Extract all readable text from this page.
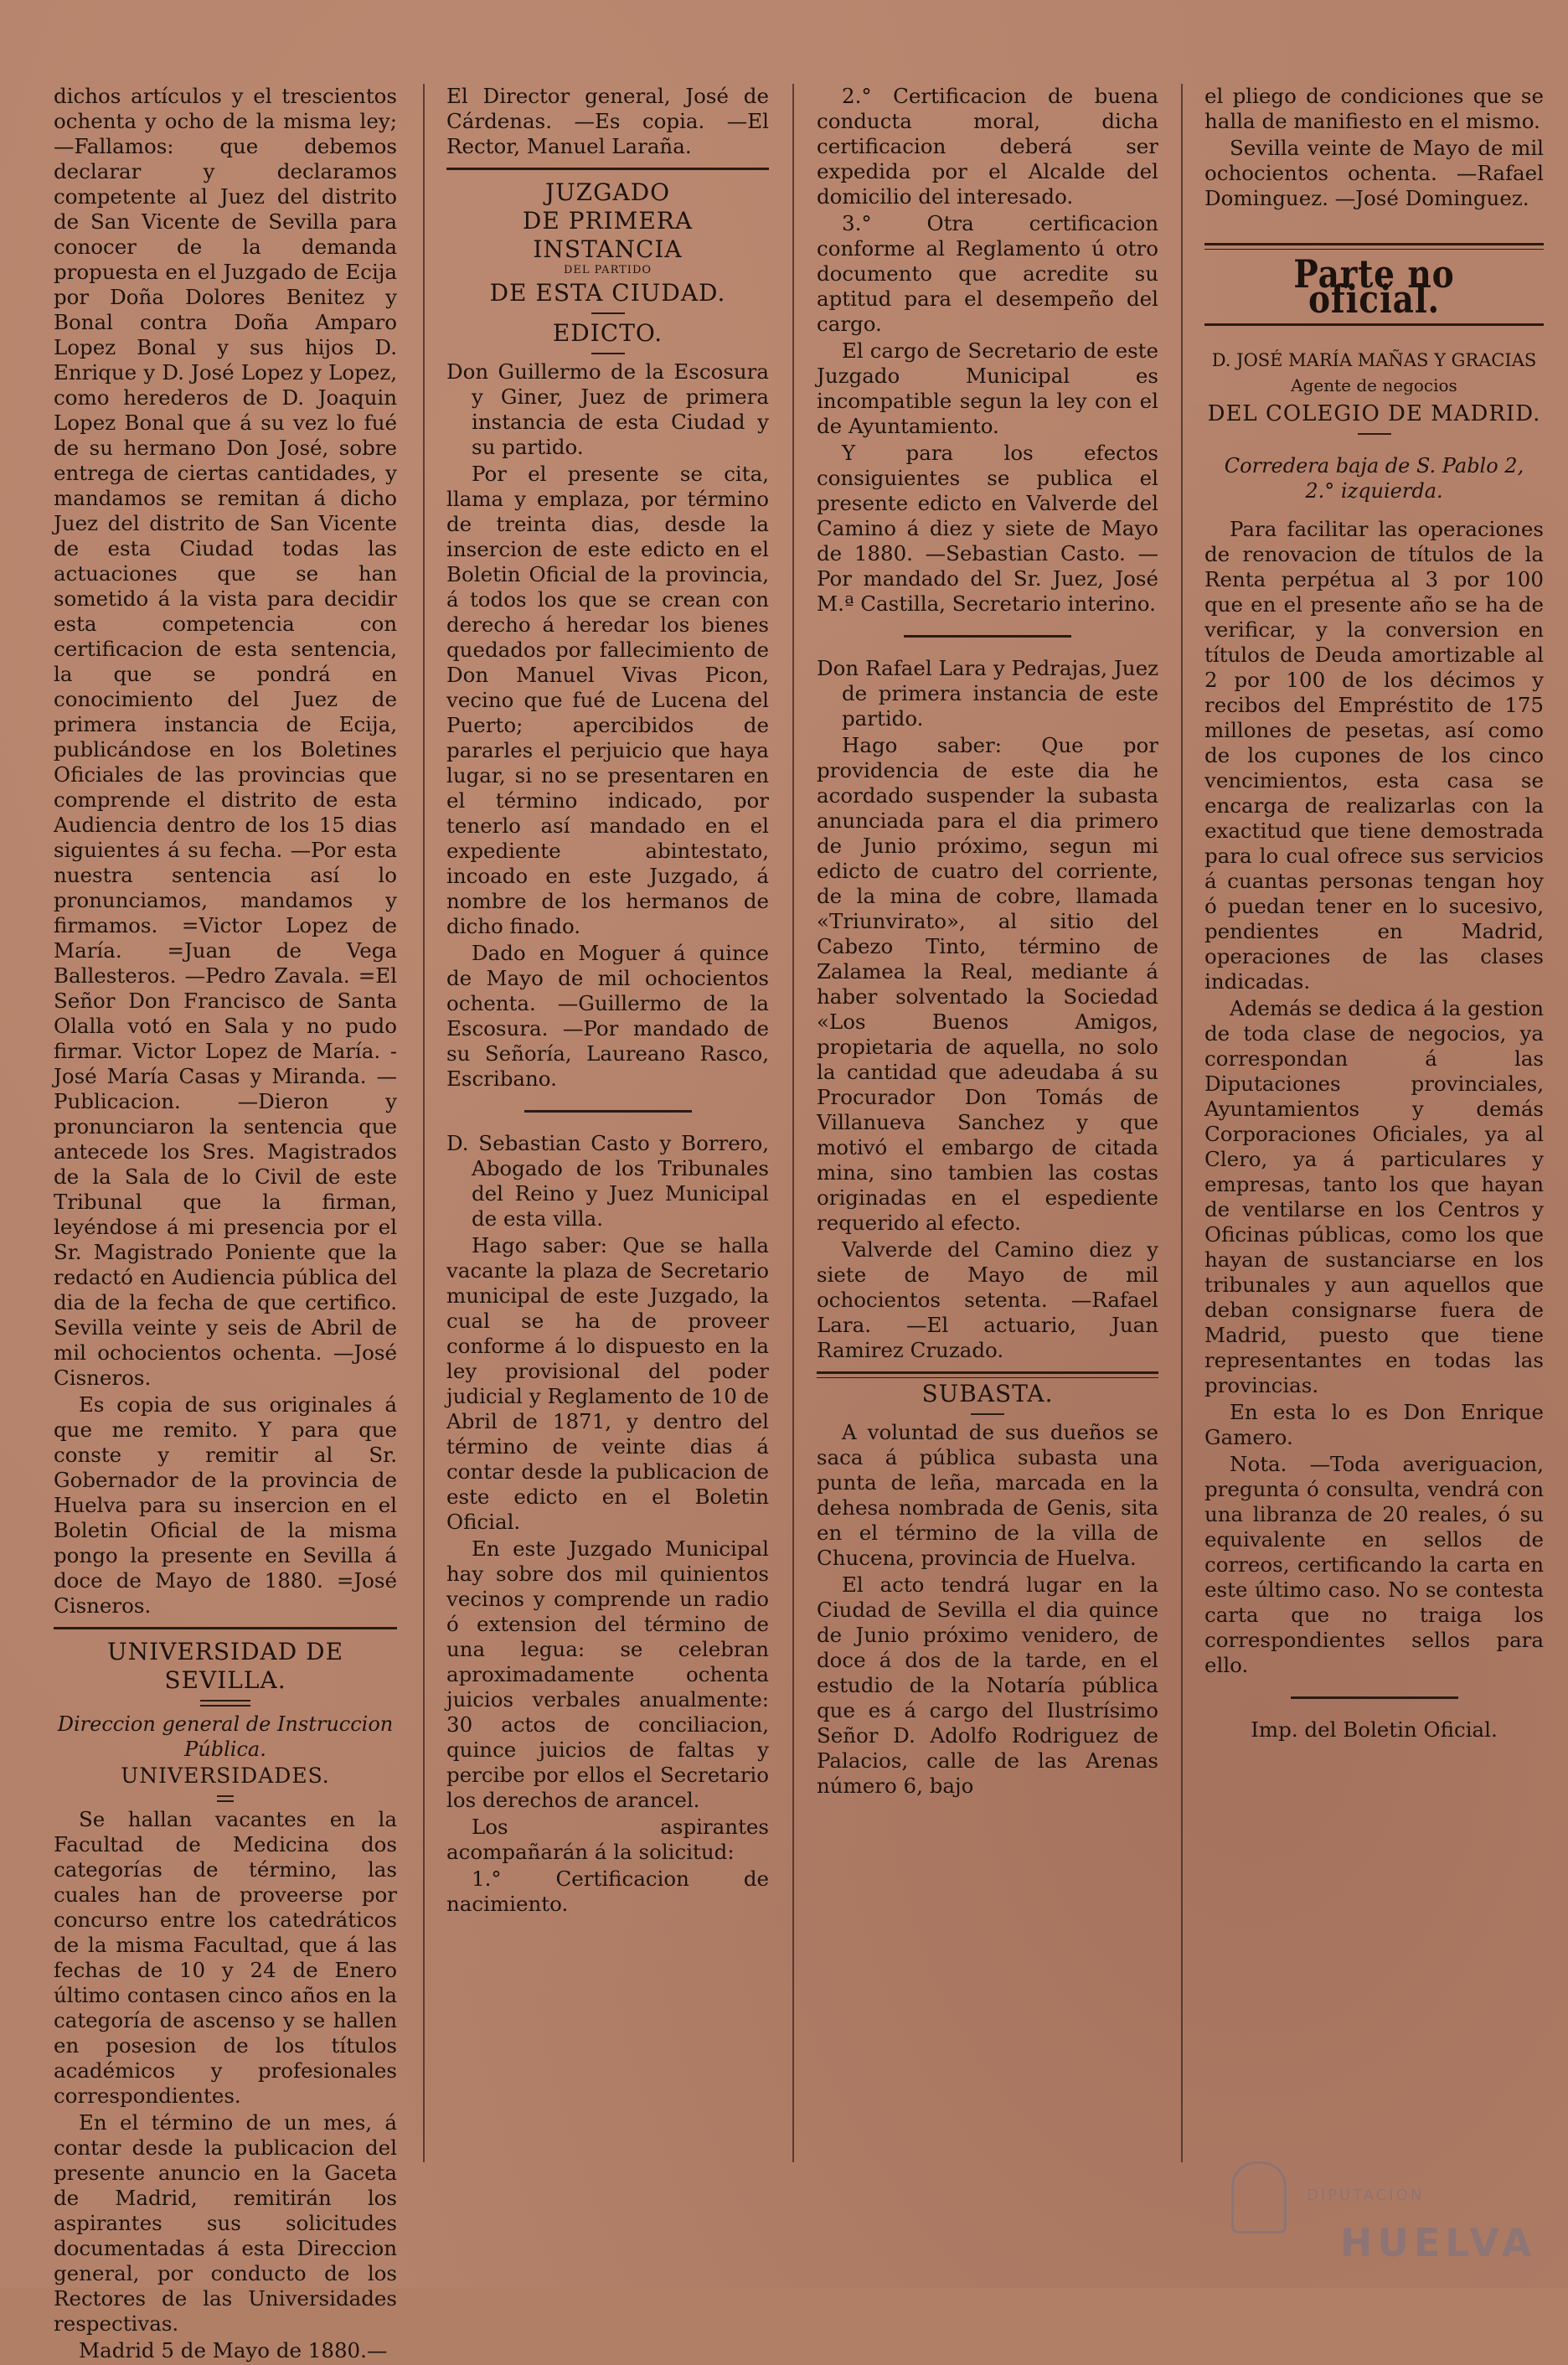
dichos artículos y el trescientos ochenta y ocho de la misma ley; —Fallamos: que debemos declarar y declaramos competente al Juez del distrito de San Vicente de Sevilla para conocer de la demanda propuesta en el Juzgado de Ecija por Doña Dolores Benitez y Bonal contra Doña Amparo Lopez Bonal y sus hijos D. Enrique y D. José Lopez y Lopez, como herederos de D. Joaquin Lopez Bonal que á su vez lo fué de su hermano Don José, sobre entrega de ciertas cantidades, y mandamos se remitan á dicho Juez del distrito de San Vicente de esta Ciudad todas las actuaciones que se han sometido á la vista para decidir esta competencia con certificacion de esta sentencia, la que se pondrá en conocimiento del Juez de primera instancia de Ecija, publicándose en los Boletines Oficiales de las provincias que comprende el distrito de esta Audiencia dentro de los 15 dias siguientes á su fecha. —Por esta nuestra sentencia así lo pronunciamos, mandamos y firmamos. =Victor Lopez de María. =Juan de Vega Ballesteros. —Pedro Zavala. =El Señor Don Francisco de Santa Olalla votó en Sala y no pudo firmar. Victor Lopez de María. -José María Casas y Miranda. —Publicacion. —Dieron y pronunciaron la sentencia que antecede los Sres. Magistrados de la Sala de lo Civil de este Tribunal que la firman, leyéndose á mi presencia por el Sr. Magistrado Poniente que la redactó en Audiencia pública del dia de la fecha de que certifico. Sevilla veinte y seis de Abril de mil ochocientos ochenta. —José Cisneros.

Es copia de sus originales á que me remito. Y para que conste y remitir al Sr. Gobernador de la provincia de Huelva para su insercion en el Boletin Oficial de la misma pongo la presente en Sevilla á doce de Mayo de 1880. =José Cisneros.

UNIVERSIDAD DE SEVILLA.

Direccion general de Instruccion Pública.

UNIVERSIDADES.

Se hallan vacantes en la Facultad de Medicina dos categorías de término, las cuales han de proveerse por concurso entre los catedráticos de la misma Facultad, que á las fechas de 10 y 24 de Enero último contasen cinco años en la categoría de ascenso y se hallen en posesion de los títulos académicos y profesionales correspondientes.

En el término de un mes, á contar desde la publicacion del presente anuncio en la Gaceta de Madrid, remitirán los aspirantes sus solicitudes documentadas á esta Direccion general, por conducto de los Rectores de las Universidades respectivas.

Madrid 5 de Mayo de 1880.—

El Director general, José de Cárdenas. —Es copia. —El Rector, Manuel Laraña.

JUZGADO

DE PRIMERA INSTANCIA

DEL PARTIDO

DE ESTA CIUDAD.

EDICTO.

Don Guillermo de la Escosura y Giner, Juez de primera instancia de esta Ciudad y su partido.

Por el presente se cita, llama y emplaza, por término de treinta dias, desde la insercion de este edicto en el Boletin Oficial de la provincia, á todos los que se crean con derecho á heredar los bienes quedados por fallecimiento de Don Manuel Vivas Picon, vecino que fué de Lucena del Puerto; apercibidos de pararles el perjuicio que haya lugar, si no se presentaren en el término indicado, por tenerlo así mandado en el expediente abintestato, incoado en este Juzgado, á nombre de los hermanos de dicho finado.

Dado en Moguer á quince de Mayo de mil ochocientos ochenta. —Guillermo de la Escosura. —Por mandado de su Señoría, Laureano Rasco, Escribano.

D. Sebastian Casto y Borrero, Abogado de los Tribunales del Reino y Juez Municipal de esta villa.

Hago saber: Que se halla vacante la plaza de Secretario municipal de este Juzgado, la cual se ha de proveer conforme á lo dispuesto en la ley provisional del poder judicial y Reglamento de 10 de Abril de 1871, y dentro del término de veinte dias á contar desde la publicacion de este edicto en el Boletin Oficial.

En este Juzgado Municipal hay sobre dos mil quinientos vecinos y comprende un radio ó extension del término de una legua: se celebran aproximadamente ochenta juicios verbales anualmente: 30 actos de conciliacion, quince juicios de faltas y percibe por ellos el Secretario los derechos de arancel.

Los aspirantes acompañarán á la solicitud:

1.° Certificacion de nacimiento.

2.° Certificacion de buena conducta moral, dicha certificacion deberá ser expedida por el Alcalde del domicilio del interesado.

3.° Otra certificacion conforme al Reglamento ú otro documento que acredite su aptitud para el desempeño del cargo.

El cargo de Secretario de este Juzgado Municipal es incompatible segun la ley con el de Ayuntamiento.

Y para los efectos consiguientes se publica el presente edicto en Valverde del Camino á diez y siete de Mayo de 1880. —Sebastian Casto. —Por mandado del Sr. Juez, José M.ª Castilla, Secretario interino.

Don Rafael Lara y Pedrajas, Juez de primera instancia de este partido.

Hago saber: Que por providencia de este dia he acordado suspender la subasta anunciada para el dia primero de Junio próximo, segun mi edicto de cuatro del corriente, de la mina de cobre, llamada «Triunvirato», al sitio del Cabezo Tinto, término de Zalamea la Real, mediante á haber solventado la Sociedad «Los Buenos Amigos, propietaria de aquella, no solo la cantidad que adeudaba á su Procurador Don Tomás de Villanueva Sanchez y que motivó el embargo de citada mina, sino tambien las costas originadas en el espediente requerido al efecto.

Valverde del Camino diez y siete de Mayo de mil ochocientos setenta. —Rafael Lara. —El actuario, Juan Ramirez Cruzado.

SUBASTA.

A voluntad de sus dueños se saca á pública subasta una punta de leña, marcada en la dehesa nombrada de Genis, sita en el término de la villa de Chucena, provincia de Huelva.

El acto tendrá lugar en la Ciudad de Sevilla el dia quince de Junio próximo venidero, de doce á dos de la tarde, en el estudio de la Notaría pública que es á cargo del Ilustrísimo Señor D. Adolfo Rodriguez de Palacios, calle de las Arenas número 6, bajo

el pliego de condiciones que se halla de manifiesto en el mismo.

Sevilla veinte de Mayo de mil ochocientos ochenta. —Rafael Dominguez. —José Dominguez.

Parte no oficial.

D. JOSÉ MARÍA MAÑAS Y GRACIAS

Agente de negocios

DEL COLEGIO DE MADRID.

Corredera baja de S. Pablo 2,

2.° izquierda.

Para facilitar las operaciones de renovacion de títulos de la Renta perpétua al 3 por 100 que en el presente año se ha de verificar, y la conversion en títulos de Deuda amortizable al 2 por 100 de los décimos y recibos del Empréstito de 175 millones de pesetas, así como de los cupones de los cinco vencimientos, esta casa se encarga de realizarlas con la exactitud que tiene demostrada para lo cual ofrece sus servicios á cuantas personas tengan hoy ó puedan tener en lo sucesivo, pendientes en Madrid, operaciones de las clases indicadas.

Además se dedica á la gestion de toda clase de negocios, ya correspondan á las Diputaciones provinciales, Ayuntamientos y demás Corporaciones Oficiales, ya al Clero, ya á particulares y empresas, tanto los que hayan de ventilarse en los Centros y Oficinas públicas, como los que hayan de sustanciarse en los tribunales y aun aquellos que deban consignarse fuera de Madrid, puesto que tiene representantes en todas las provincias.

En esta lo es Don Enrique Gamero.

Nota. —Toda averiguacion, pregunta ó consulta, vendrá con una libranza de 20 reales, ó su equivalente en sellos de correos, certificando la carta en este último caso. No se contesta carta que no traiga los correspondientes sellos para ello.

Imp. del Boletin Oficial.

DIPUTACIÓN
HUELVA
